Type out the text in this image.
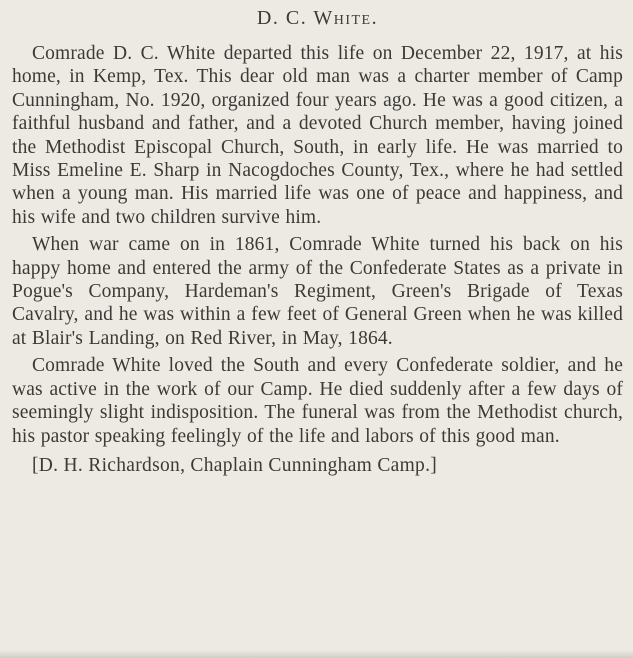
D. C. White.

Comrade D. C. White departed this life on December 22, 1917, at his home, in Kemp, Tex. This dear old man was a charter member of Camp Cunningham, No. 1920, organized four years ago. He was a good citizen, a faithful husband and father, and a devoted Church member, having joined the Methodist Episcopal Church, South, in early life. He was married to Miss Emeline E. Sharp in Nacogdoches County, Tex., where he had settled when a young man. His married life was one of peace and happiness, and his wife and two children survive him.

When war came on in 1861, Comrade White turned his back on his happy home and entered the army of the Confederate States as a private in Pogue's Company, Hardeman's Regiment, Green's Brigade of Texas Cavalry, and he was within a few feet of General Green when he was killed at Blair's Landing, on Red River, in May, 1864.

Comrade White loved the South and every Confederate soldier, and he was active in the work of our Camp. He died suddenly after a few days of seemingly slight indisposition. The funeral was from the Methodist church, his pastor speaking feelingly of the life and labors of this good man.

[D. H. Richardson, Chaplain Cunningham Camp.]
